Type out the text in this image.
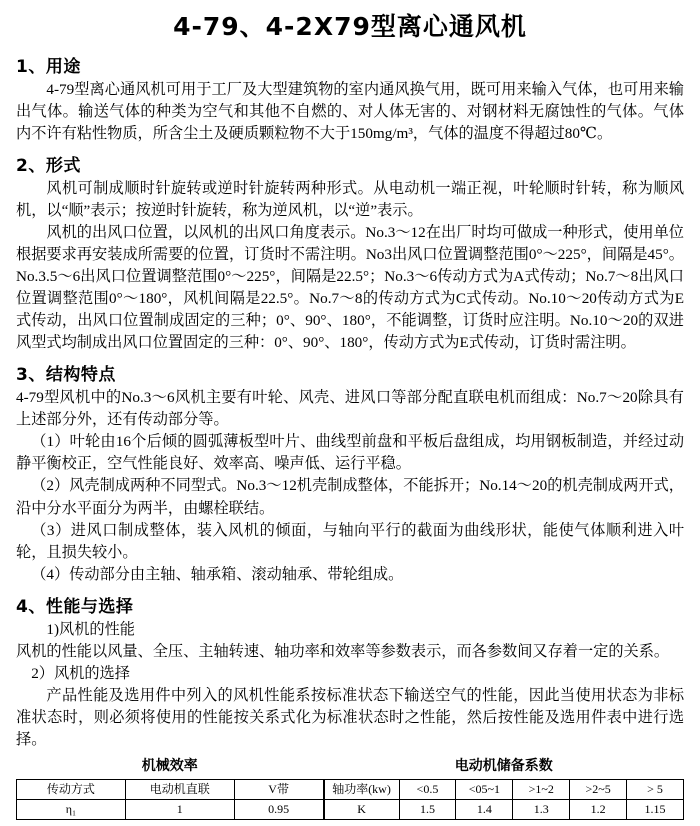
4-79、4-2X79型离心通风机
1、用途

4-79型离心通风机可用于工厂及大型建筑物的室内通风换气用，既可用来输入气体，也可用来输出气体。输送气体的种类为空气和其他不自燃的、对人体无害的、对钢材料无腐蚀性的气体。气体内不许有粘性物质，所含尘土及硬质颗粒物不大于150mg/m³，气体的温度不得超过80℃。

2、形式

风机可制成顺时针旋转或逆时针旋转两种形式。从电动机一端正视，叶轮顺时针转，称为顺风机，以“顺”表示；按逆时针旋转，称为逆风机，以“逆”表示。

风机的出风口位置，以风机的出风口角度表示。No.3～12在出厂时均可做成一种形式，使用单位根据要求再安装成所需要的位置，订货时不需注明。No3出风口位置调整范围0°～225°，间隔是45°。No.3.5～6出风口位置调整范围0°～225°，间隔是22.5°；No.3～6传动方式为A式传动；No.7～8出风口位置调整范围0°～180°，风机间隔是22.5°。No.7～8的传动方式为C式传动。No.10～20传动方式为E式传动，出风口位置制成固定的三种；0°、90°、180°，不能调整，订货时应注明。No.10～20的双进风型式均制成出风口位置固定的三种：0°、90°、180°，传动方式为E式传动，订货时需注明。

3、结构特点

4-79型风机中的No.3～6风机主要有叶轮、风壳、进风口等部分配直联电机而组成：No.7～20除具有上述部分外，还有传动部分等。

（1）叶轮由16个后倾的圆弧薄板型叶片、曲线型前盘和平板后盘组成，均用钢板制造，并经过动静平衡校正，空气性能良好、效率高、噪声低、运行平稳。

（2）风壳制成两种不同型式。No.3～12机壳制成整体，不能拆开；No.14～20的机壳制成两开式，沿中分水平面分为两半，由螺栓联结。

（3）进风口制成整体，装入风机的倾面，与轴向平行的截面为曲线形状，能使气体顺利进入叶轮，且损失较小。

（4）传动部分由主轴、轴承箱、滚动轴承、带轮组成。

4、性能与选择

1)风机的性能

风机的性能以风量、全压、主轴转速、轴功率和效率等参数表示，而各参数间又存着一定的关系。

2）风机的选择

产品性能及选用件中列入的风机性能系按标准状态下输送空气的性能，因此当使用状态为非标准状态时，则必须将使用的性能按关系式化为标准状态时之性能，然后按性能及选用件表中进行选择。

机械效率
传动方式	电动机直联	V带
η₁	1	0.95
电动机储备系数
轴功率(kw)	<0.5	<05~1	>1~2	>2~5	> 5
K	1.5	1.4	1.3	1.2	1.15
